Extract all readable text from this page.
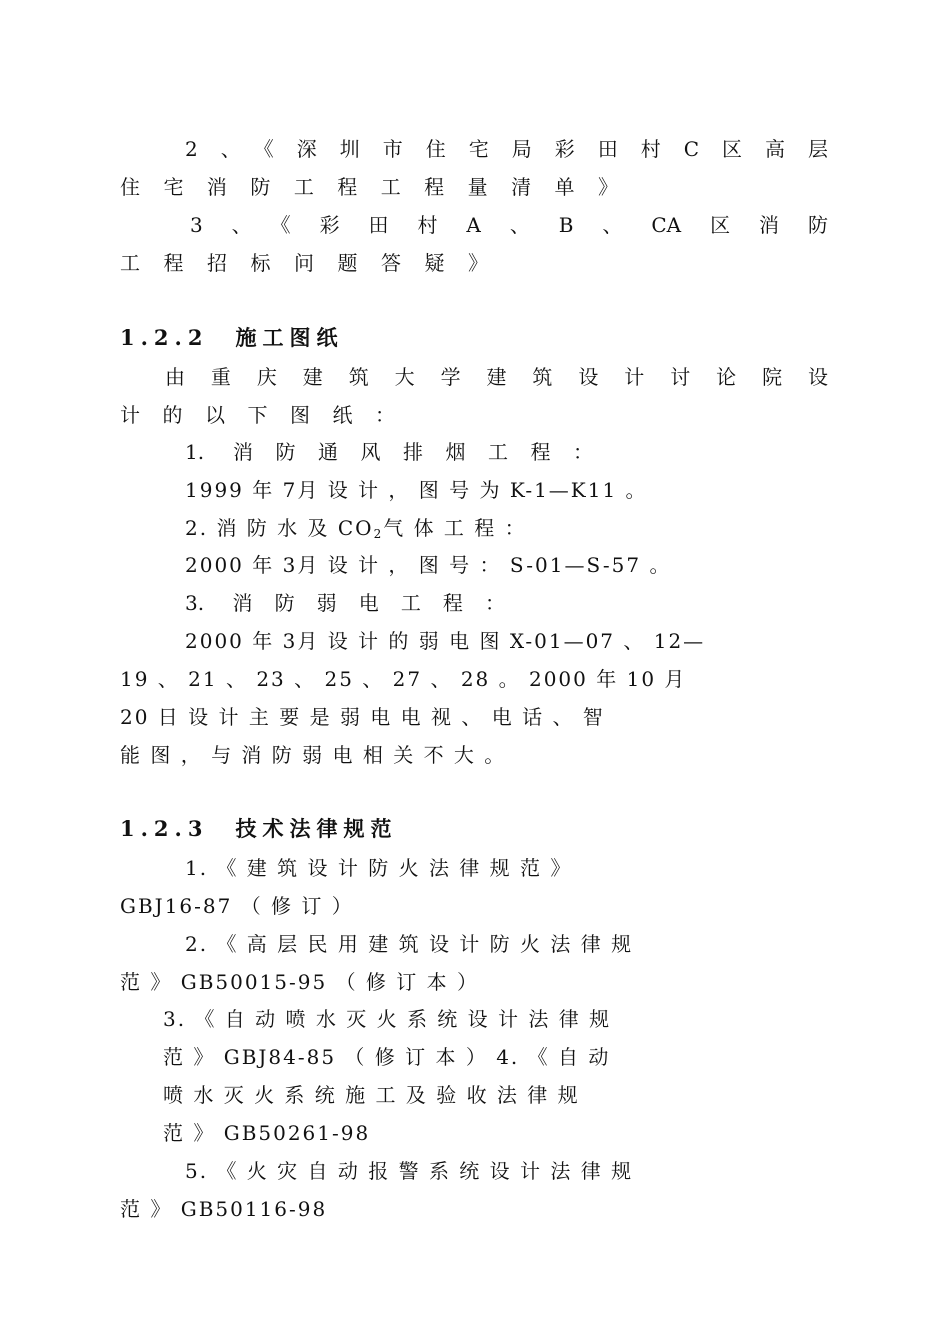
2、《深圳市住宅局彩田村C区高层

住宅消防工程工程量清单》

3、《彩田村A、B、CA区消防

工程招标问题答疑》

1.2.2　施工图纸

由重庆建筑大学建筑设计讨论院设

计的以下图纸：

1. 消防通风排烟工程：

1999 年 7月 设 计 ， 图 号 为 K-1—K11 。

2. 消 防 水 及 $CO_2$气 体 工 程 ：

2000 年 3月 设 计 ， 图 号 ： S-01—S-57 。

3. 消防弱电工程：

2000 年 3月 设 计 的 弱 电 图 X-01—07 、 12—

19 、 21 、 23 、 25 、 27 、 28 。 2000 年 10 月

20 日 设 计 主 要 是 弱 电 电 视 、 电 话 、 智

能 图 ， 与 消 防 弱 电 相 关 不 大 。

1.2.3　技术法律规范

1. 《 建 筑 设 计 防 火 法 律 规 范 》

GBJ16-87 （ 修 订 ）

2. 《 高 层 民 用 建 筑 设 计 防 火 法 律 规

范 》 GB50015-95 （ 修 订 本 ）

3. 《 自 动 喷 水 灭 火 系 统 设 计 法 律 规

范 》 GBJ84-85 （ 修 订 本 ） 4. 《 自 动

喷 水 灭 火 系 统 施 工 及 验 收 法 律 规

范 》 GB50261-98

5. 《 火 灾 自 动 报 警 系 统 设 计 法 律 规

范 》 GB50116-98
